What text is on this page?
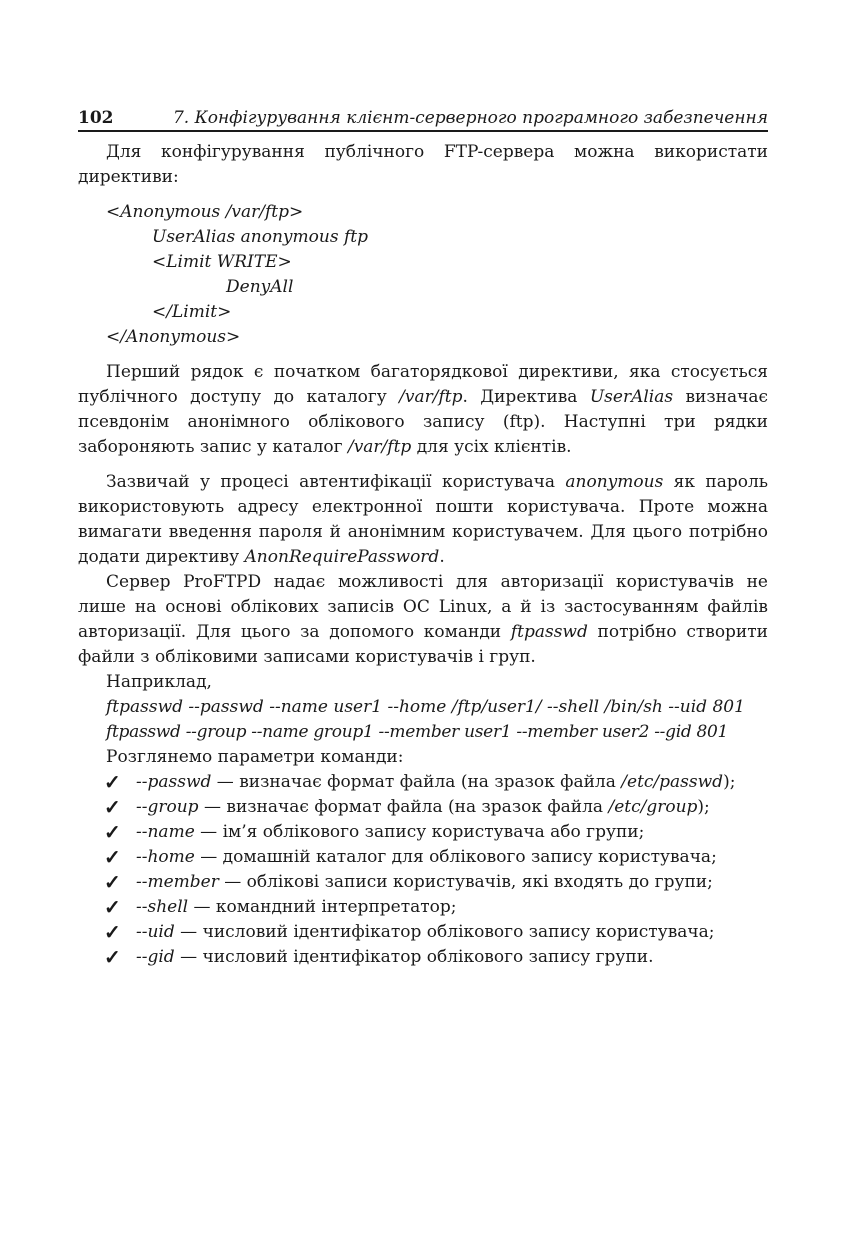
102	7. Конфігурування клієнт-серверного програмного забезпечення

Для конфігурування публічного FTP-сервера можна використати директиви:

<Anonymous /var/ftp>
UserAlias anonymous ftp
<Limit WRITE>
DenyAll
</Limit>
</Anonymous>

Перший рядок є початком багаторядкової директиви, яка стосується публічного доступу до каталогу /var/ftp. Директива UserAlias визначає псевдонім анонімного облікового запису (ftp). Наступні три рядки забороняють запис у каталог /var/ftp для усіх клієнтів.

Зазвичай у процесі автентифікації користувача anonymous як пароль використовують адресу електронної пошти користувача. Проте можна вимагати введення пароля й анонімним користувачем. Для цього потрібно додати директиву AnonRequirePassword.

Сервер ProFTPD надає можливості для авторизації користувачів не лише на основі облікових записів ОС Linux, а й із застосуванням файлів авторизації. Для цього за допомого команди ftpasswd потрібно створити файли з обліковими записами користувачів і груп.

Наприклад,

ftpasswd --passwd --name user1 --home /ftp/user1/ --shell /bin/sh --uid 801

ftpasswd --group --name group1 --member user1 --member user2 --gid 801

Розглянемо параметри команди:

✓ --passwd — визначає формат файла (на зразок файла /etc/passwd);
✓ --group — визначає формат файла (на зразок файла /etc/group);
✓ --name — ім’я облікового запису користувача або групи;
✓ --home — домашній каталог для облікового запису користувача;
✓ --member — облікові записи користувачів, які входять до групи;
✓ --shell — командний інтерпретатор;
✓ --uid — числовий ідентифікатор облікового запису користувача;
✓ --gid — числовий ідентифікатор облікового запису групи.
